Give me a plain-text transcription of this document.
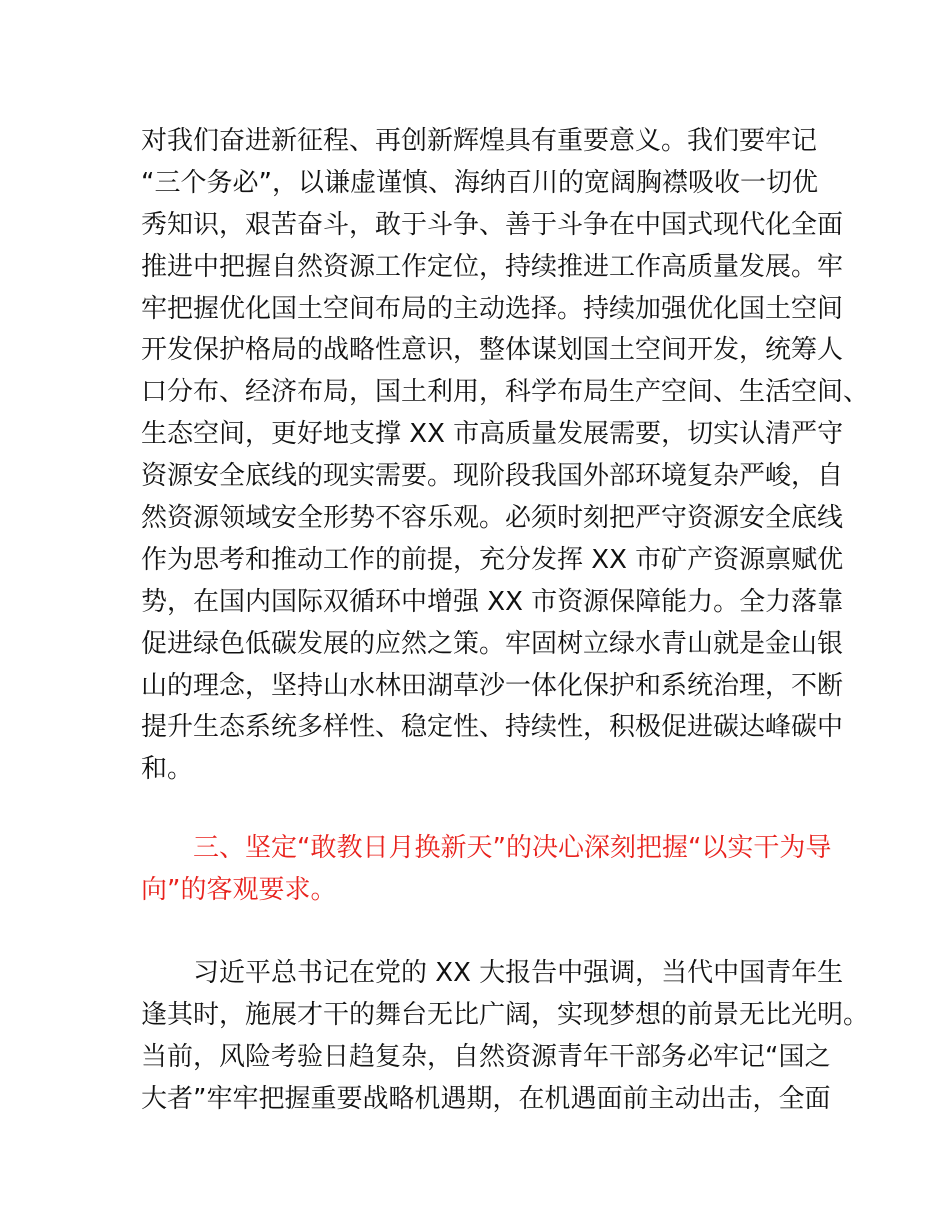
对我们奋进新征程、再创新辉煌具有重要意义。我们要牢记
“三个务必”，以谦虚谨慎、海纳百川的宽阔胸襟吸收一切优
秀知识，艰苦奋斗，敢于斗争、善于斗争在中国式现代化全面
推进中把握自然资源工作定位，持续推进工作高质量发展。牢
牢把握优化国土空间布局的主动选择。持续加强优化国土空间
开发保护格局的战略性意识，整体谋划国土空间开发，统筹人
口分布、经济布局，国土利用，科学布局生产空间、生活空间、
生态空间，更好地支撑 XX 市高质量发展需要，切实认清严守
资源安全底线的现实需要。现阶段我国外部环境复杂严峻，自
然资源领域安全形势不容乐观。必须时刻把严守资源安全底线
作为思考和推动工作的前提，充分发挥 XX 市矿产资源禀赋优
势，在国内国际双循环中增强 XX 市资源保障能力。全力落靠
促进绿色低碳发展的应然之策。牢固树立绿水青山就是金山银
山的理念，坚持山水林田湖草沙一体化保护和系统治理，不断
提升生态系统多样性、稳定性、持续性，积极促进碳达峰碳中
和。
三、坚定“敢教日月换新天”的决心深刻把握“以实干为导
向”的客观要求。
习近平总书记在党的 XX 大报告中强调，当代中国青年生
逢其时，施展才干的舞台无比广阔，实现梦想的前景无比光明。
当前，风险考验日趋复杂，自然资源青年干部务必牢记“国之
大者”牢牢把握重要战略机遇期，在机遇面前主动出击，全面
